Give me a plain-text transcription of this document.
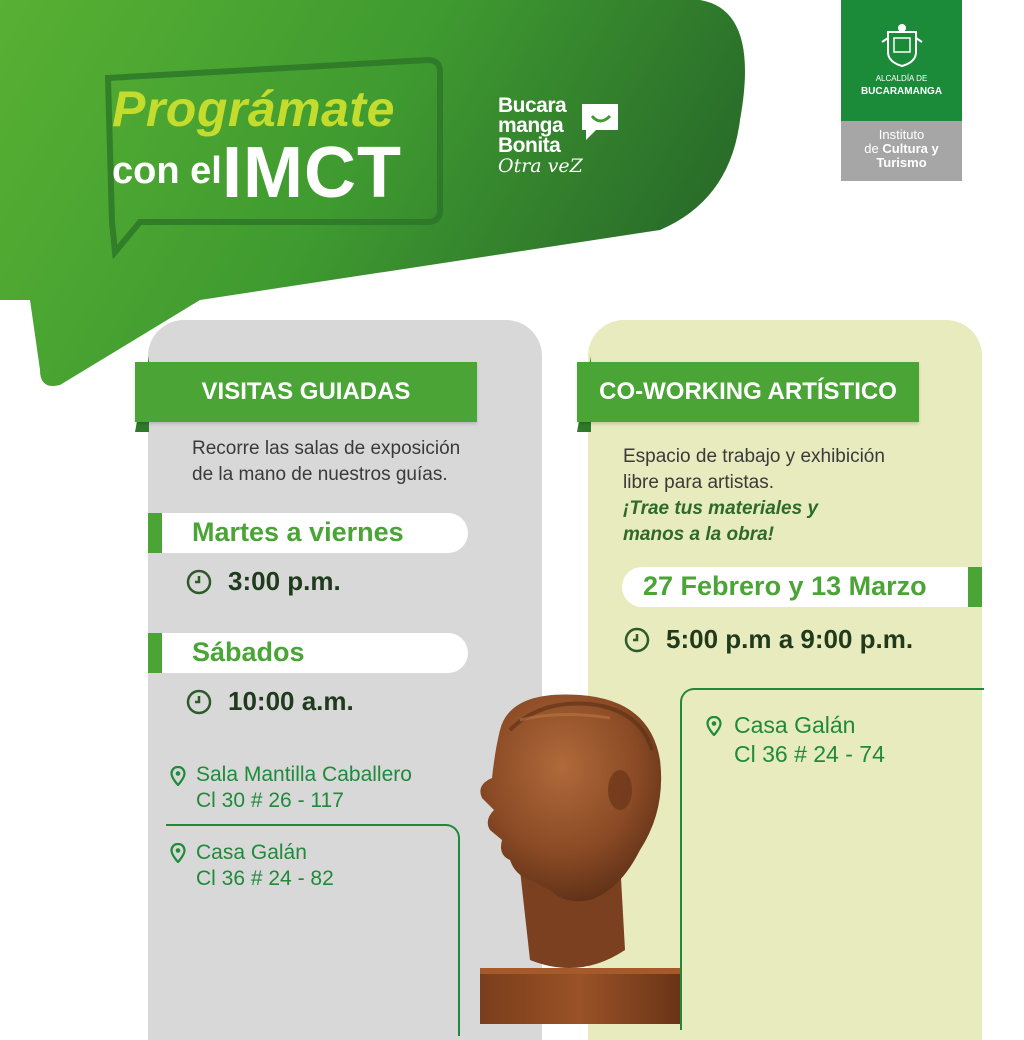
Prográmate
con el IMCT
Bucara
manga
Bonita
Otra veZ
ALCALDÍA DE
BUCARAMANGA
Instituto
de Cultura y
Turismo
VISITAS GUIADAS
Recorre las salas de exposición
de la mano de nuestros guías.
Martes a viernes
3:00 p.m.
Sábados
10:00 a.m.
Sala Mantilla Caballero
Cl 30 # 26 - 117
Casa Galán
Cl 36 # 24 - 82
CO-WORKING ARTÍSTICO
Espacio de trabajo y exhibición
libre para artistas.
¡Trae tus materiales y
manos a la obra!
27 Febrero y 13 Marzo
5:00 p.m a 9:00 p.m.
Casa Galán
Cl 36 # 24 - 74
